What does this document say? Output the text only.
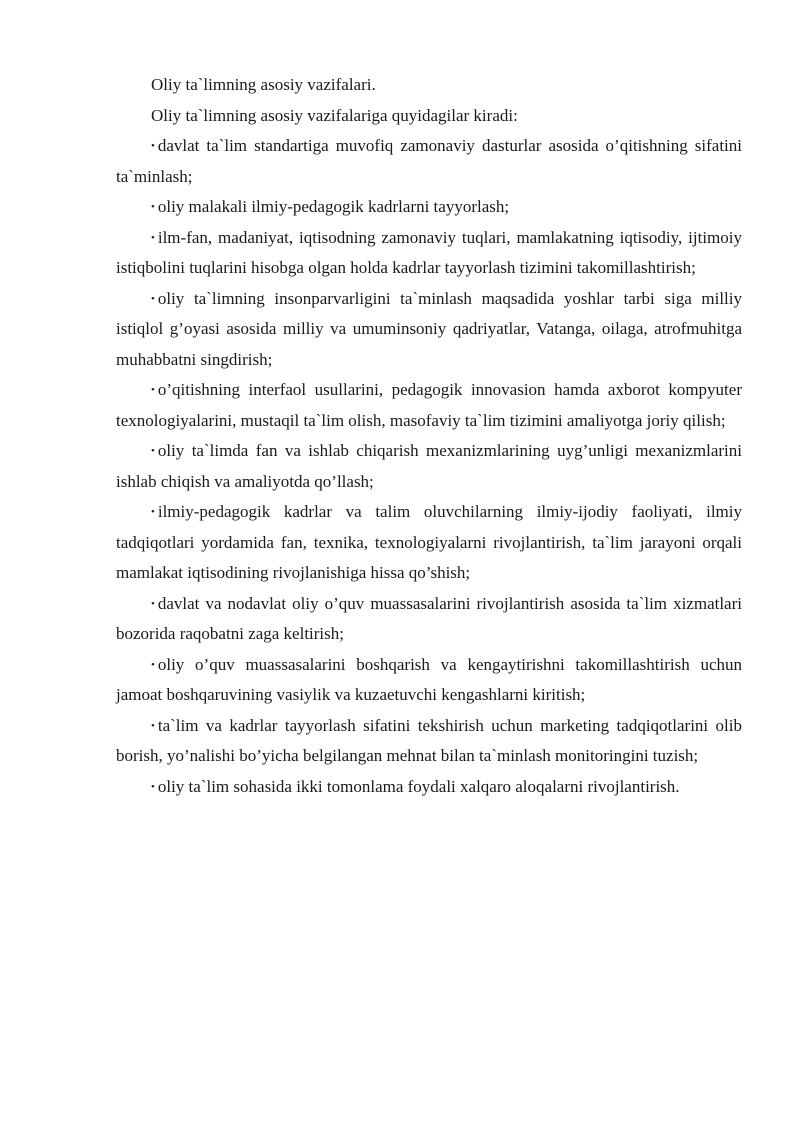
Oliy ta`limning asosiy vazifalari.

Oliy ta`limning asosiy vazifalariga quyidagilar kiradi:

• davlat ta`lim standartiga muvofiq zamonaviy dasturlar asosida o’qitishning sifatini ta`minlash;

• oliy malakali ilmiy-pedagogik kadrlarni tayyorlash;

• ilm-fan, madaniyat, iqtisodning zamonaviy tuqlari, mamlakatning iqtisodiy, ijtimoiy istiqbolini tuqlarini hisobga olgan holda kadrlar tayyorlash tizimini takomillashtirish;

• oliy ta`limning insonparvarligini ta`minlash maqsadida yoshlar tarbi siga milliy istiqlol g’oyasi asosida milliy va umuminsoniy qadriyatlar, Vatanga, oilaga, atrofmuhitga muhabbatni singdirish;

• o’qitishning interfaol usullarini, pedagogik innovasion hamda axborot kompyuter texnologiyalarini, mustaqil ta`lim olish, masofaviy ta`lim tizimini amaliyotga joriy qilish;

• oliy ta`limda fan va ishlab chiqarish mexanizmlarining uyg’unligi mexanizmlarini ishlab chiqish va amaliyotda qo’llash;

• ilmiy-pedagogik kadrlar va talim oluvchilarning ilmiy-ijodiy faoliyati, ilmiy tadqiqotlari yordamida fan, texnika, texnologiyalarni rivojlantirish, ta`lim jarayoni orqali mamlakat iqtisodining rivojlanishiga hissa qo’shish;

• davlat va nodavlat oliy o’quv muassasalarini rivojlantirish asosida ta`lim xizmatlari bozorida raqobatni zaga keltirish;

• oliy o’quv muassasalarini boshqarish va kengaytirishni takomillashtirish uchun jamoat boshqaruvining vasiylik va kuzaetuvchi kengashlarni kiritish;

• ta`lim va kadrlar tayyorlash sifatini tekshirish uchun marketing tadqiqotlarini olib borish, yo’nalishi bo’yicha belgilangan mehnat bilan ta`minlash monitoringini tuzish;

• oliy ta`lim sohasida ikki tomonlama foydali xalqaro aloqalarni rivojlantirish.
